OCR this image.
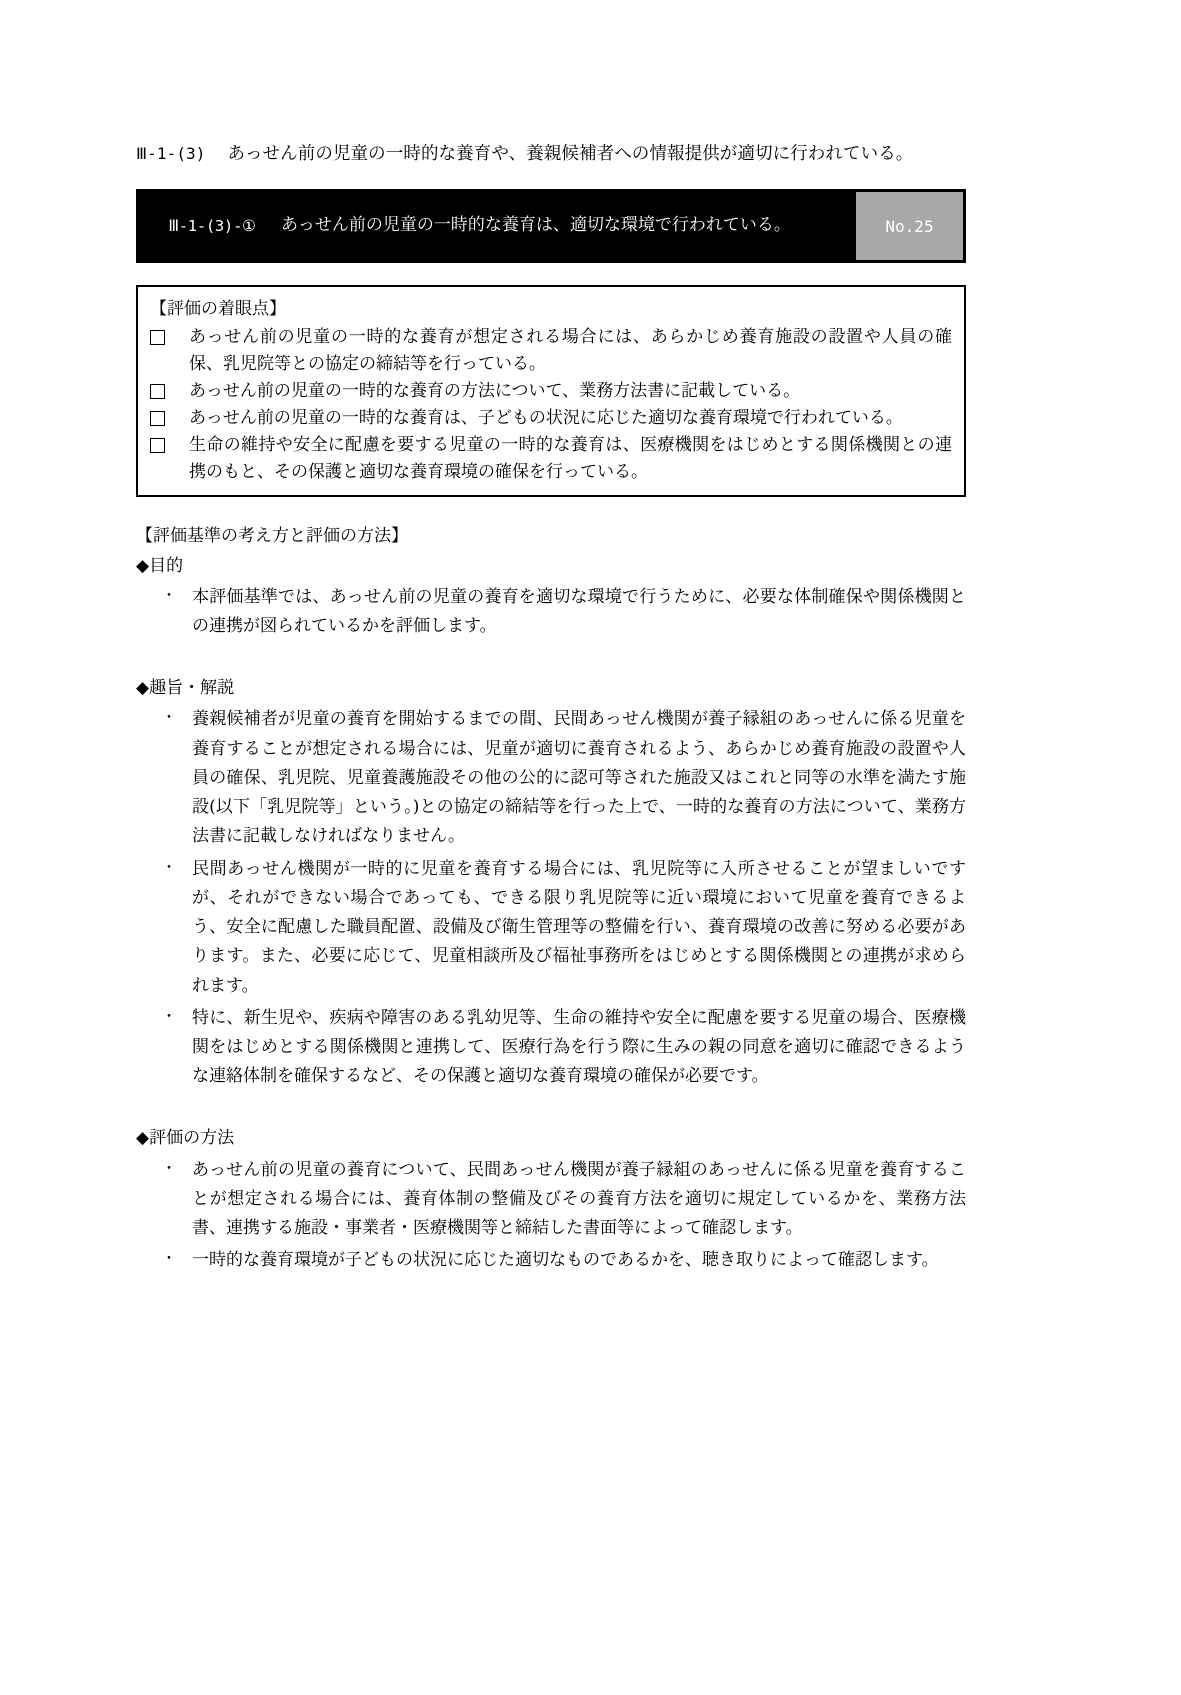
Ⅲ-1-(3)	あっせん前の児童の一時的な養育や、養親候補者への情報提供が適切に行われている。
Ⅲ-1-(3)-①	あっせん前の児童の一時的な養育は、適切な環境で行われている。	No.25
【評価の着眼点】
あっせん前の児童の一時的な養育が想定される場合には、あらかじめ養育施設の設置や人員の確保、乳児院等との協定の締結等を行っている。
あっせん前の児童の一時的な養育の方法について、業務方法書に記載している。
あっせん前の児童の一時的な養育は、子どもの状況に応じた適切な養育環境で行われている。
生命の維持や安全に配慮を要する児童の一時的な養育は、医療機関をはじめとする関係機関との連携のもと、その保護と適切な養育環境の確保を行っている。
【評価基準の考え方と評価の方法】
◆目的
・ 本評価基準では、あっせん前の児童の養育を適切な環境で行うために、必要な体制確保や関係機関との連携が図られているかを評価します。
◆趣旨・解説
・ 養親候補者が児童の養育を開始するまでの間、民間あっせん機関が養子縁組のあっせんに係る児童を養育することが想定される場合には、児童が適切に養育されるよう、あらかじめ養育施設の設置や人員の確保、乳児院、児童養護施設その他の公的に認可等された施設又はこれと同等の水準を満たす施設(以下「乳児院等」という。)との協定の締結等を行った上で、一時的な養育の方法について、業務方法書に記載しなければなりません。
・ 民間あっせん機関が一時的に児童を養育する場合には、乳児院等に入所させることが望ましいですが、それができない場合であっても、できる限り乳児院等に近い環境において児童を養育できるよう、安全に配慮した職員配置、設備及び衛生管理等の整備を行い、養育環境の改善に努める必要があります。また、必要に応じて、児童相談所及び福祉事務所をはじめとする関係機関との連携が求められます。
・ 特に、新生児や、疾病や障害のある乳幼児等、生命の維持や安全に配慮を要する児童の場合、医療機関をはじめとする関係機関と連携して、医療行為を行う際に生みの親の同意を適切に確認できるような連絡体制を確保するなど、その保護と適切な養育環境の確保が必要です。
◆評価の方法
・ あっせん前の児童の養育について、民間あっせん機関が養子縁組のあっせんに係る児童を養育することが想定される場合には、養育体制の整備及びその養育方法を適切に規定しているかを、業務方法書、連携する施設・事業者・医療機関等と締結した書面等によって確認します。
・ 一時的な養育環境が子どもの状況に応じた適切なものであるかを、聴き取りによって確認します。
